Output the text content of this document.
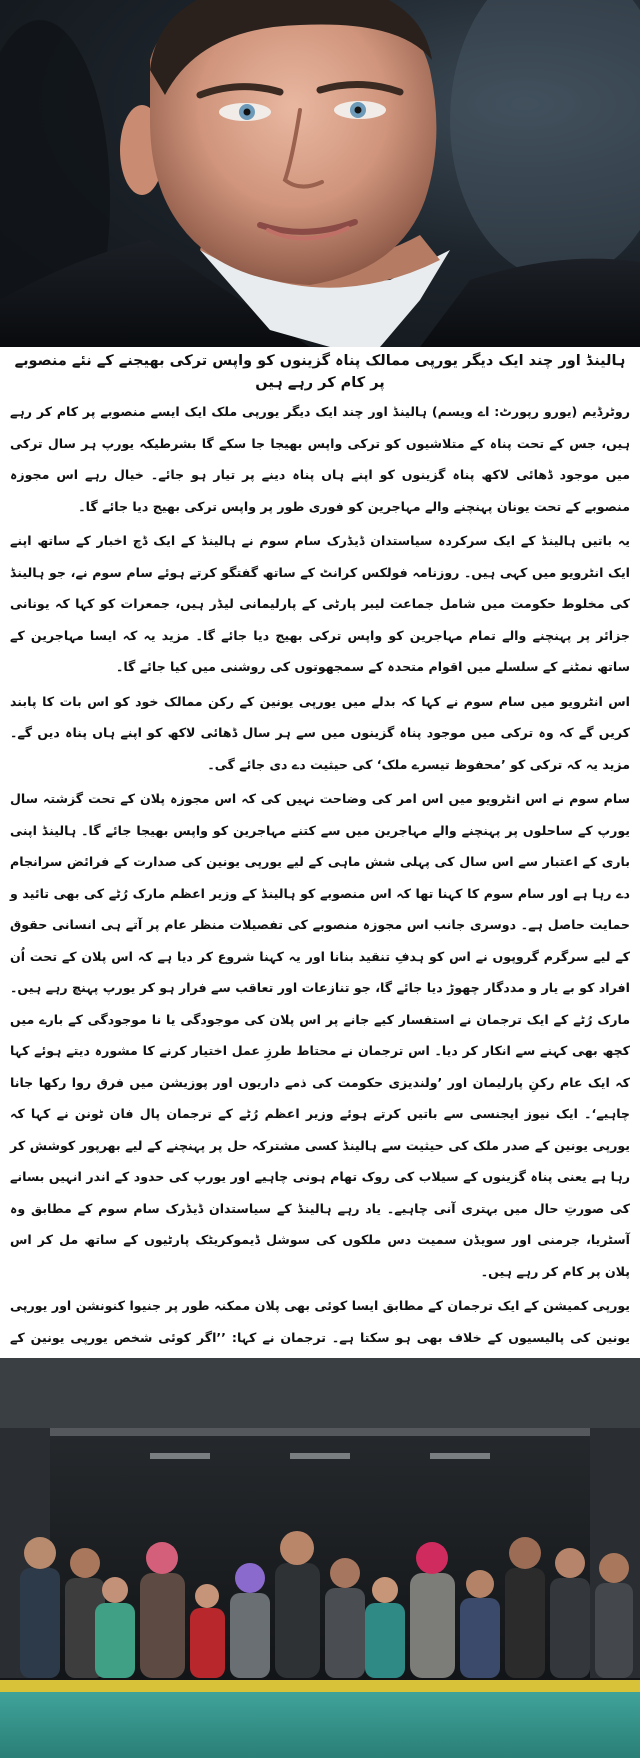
ہالینڈ اور چند ایک دیگر یورپی ممالک پناہ گزینوں کو واپس ترکی بھیجنے کے نئے منصوبے پر کام کر رہے ہیں

روٹرڈیم (یورو رپورٹ: اے ویسم) ہالینڈ اور چند ایک دیگر یورپی ملک ایک ایسے منصوبے پر کام کر رہے ہیں، جس کے تحت پناہ کے متلاشیوں کو ترکی واپس بھیجا جا سکے گا بشرطیکہ یورپ ہر سال ترکی میں موجود ڈھائی لاکھ پناہ گزینوں کو اپنے ہاں پناہ دینے پر تیار ہو جائے۔ خیال رہے اس مجوزہ منصوبے کے تحت یونان پہنچنے والے مہاجرین کو فوری طور پر واپس ترکی بھیج دیا جائے گا۔

یہ باتیں ہالینڈ کے ایک سرکردہ سیاستدان ڈیڈرک سام سوم نے ہالینڈ کے ایک ڈچ اخبار کے ساتھ اپنے ایک انٹرویو میں کہی ہیں۔ روزنامہ فولکس کرانٹ کے ساتھ گفتگو کرتے ہوئے سام سوم نے، جو ہالینڈ کی مخلوط حکومت میں شامل جماعت لیبر پارٹی کے پارلیمانی لیڈر ہیں، جمعرات کو کہا کہ یونانی جزائر پر پہنچنے والے تمام مہاجرین کو واپس ترکی بھیج دیا جائے گا۔ مزید یہ کہ ایسا مہاجرین کے ساتھ نمٹنے کے سلسلے میں اقوام متحدہ کے سمجھوتوں کی روشنی میں کیا جائے گا۔

اس انٹرویو میں سام سوم نے کہا کہ بدلے میں یورپی یونین کے رکن ممالک خود کو اس بات کا پابند کریں گے کہ وہ ترکی میں موجود پناہ گزینوں میں سے ہر سال ڈھائی لاکھ کو اپنے ہاں پناہ دیں گے۔ مزید یہ کہ ترکی کو ’محفوظ تیسرے ملک‘ کی حیثیت دے دی جائے گی۔

سام سوم نے اس انٹرویو میں اس امر کی وضاحت نہیں کی کہ اس مجوزہ پلان کے تحت گزشتہ سال یورپ کے ساحلوں پر پہنچنے والے مہاجرین میں سے کتنے مہاجرین کو واپس بھیجا جائے گا۔ ہالینڈ اپنی باری کے اعتبار سے اس سال کی پہلی شش ماہی کے لیے یورپی یونین کی صدارت کے فرائض سرانجام دے رہا ہے اور سام سوم کا کہنا تھا کہ اس منصوبے کو ہالینڈ کے وزیر اعظم مارک رُٹے کی بھی تائید و حمایت حاصل ہے۔ دوسری جانب اس مجوزہ منصوبے کی تفصیلات منظر عام پر آتے ہی انسانی حقوق کے لیے سرگرم گروپوں نے اس کو ہدفِ تنقید بنانا اور یہ کہنا شروع کر دیا ہے کہ اس پلان کے تحت اُن افراد کو بے یار و مددگار چھوڑ دیا جائے گا، جو تنازعات اور تعاقب سے فرار ہو کر یورپ پہنچ رہے ہیں۔ مارک رُٹے کے ایک ترجمان نے استفسار کیے جانے پر اس پلان کی موجودگی یا نا موجودگی کے بارے میں کچھ بھی کہنے سے انکار کر دیا۔ اس ترجمان نے محتاط طرزِ عمل اختیار کرنے کا مشورہ دیتے ہوئے کہا کہ ایک عام رکنِ پارلیمان اور ’ولندیزی حکومت کی ذمے داریوں اور پوزیشن میں فرق روا رکھا جانا چاہیے‘۔ ایک نیوز ایجنسی سے باتیں کرتے ہوئے وزیر اعظم رُٹے کے ترجمان پال فان ٹونن نے کہا کہ یورپی یونین کے صدر ملک کی حیثیت سے ہالینڈ کسی مشترکہ حل پر پہنچنے کے لیے بھرپور کوشش کر رہا ہے یعنی پناہ گزینوں کے سیلاب کی روک تھام ہونی چاہیے اور یورپ کی حدود کے اندر انہیں بسانے کی صورتِ حال میں بہتری آنی چاہیے۔ یاد رہے ہالینڈ کے سیاستدان ڈیڈرک سام سوم کے مطابق وہ آسٹریا، جرمنی اور سویڈن سمیت دس ملکوں کی سوشل ڈیموکریٹک پارٹیوں کے ساتھ مل کر اس پلان پر کام کر رہے ہیں۔

یورپی کمیشن کے ایک ترجمان کے مطابق ایسا کوئی بھی پلان ممکنہ طور پر جنیوا کنونشن اور یورپی یونین کی پالیسیوں کے خلاف بھی ہو سکتا ہے۔ ترجمان نے کہا: ’’اگر کوئی شخص یورپی یونین کے
